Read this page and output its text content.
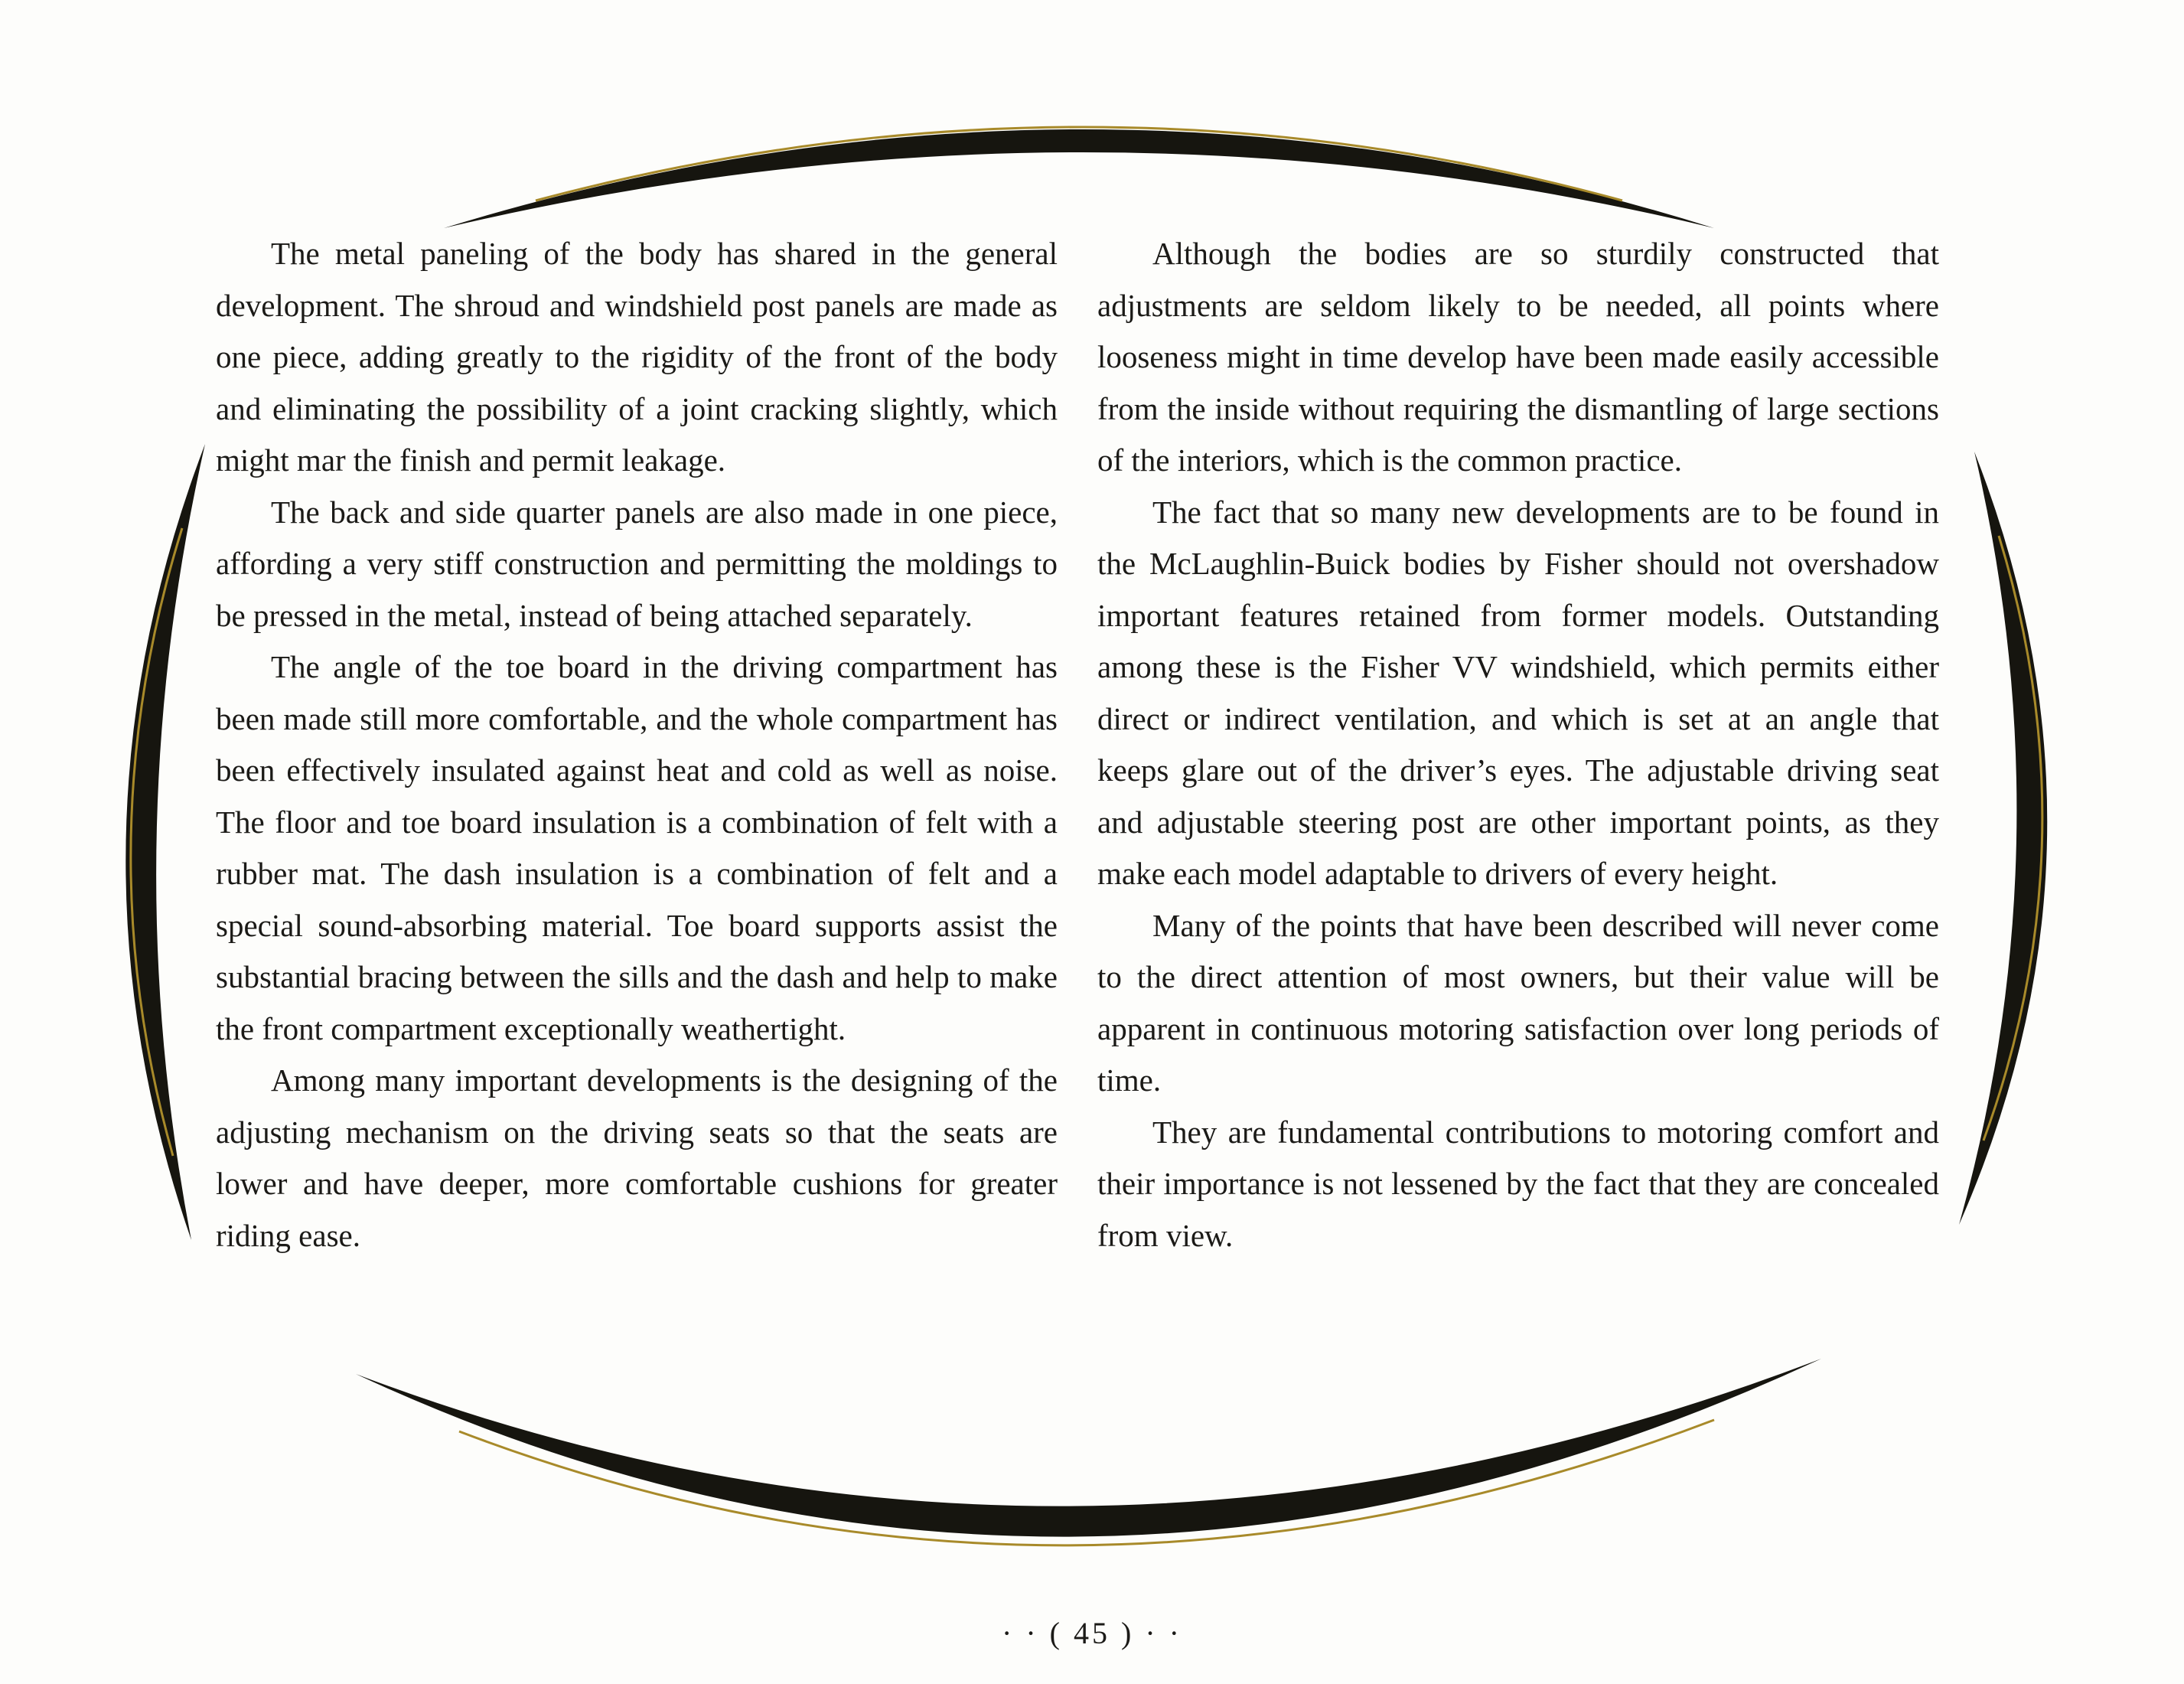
The metal paneling of the body has shared in the general development. The shroud and windshield post panels are made as one piece, adding greatly to the rigidity of the front of the body and eliminating the possibility of a joint cracking slightly, which might mar the finish and permit leakage.

The back and side quarter panels are also made in one piece, affording a very stiff construction and permitting the moldings to be pressed in the metal, instead of being attached separately.

The angle of the toe board in the driving compartment has been made still more comfortable, and the whole compartment has been effectively insulated against heat and cold as well as noise. The floor and toe board insulation is a combination of felt with a rubber mat. The dash insulation is a combination of felt and a special sound-absorbing material. Toe board supports assist the substantial bracing between the sills and the dash and help to make the front compartment exceptionally weathertight.

Among many important developments is the designing of the adjusting mechanism on the driving seats so that the seats are lower and have deeper, more comfortable cushions for greater riding ease.

Although the bodies are so sturdily constructed that adjustments are seldom likely to be needed, all points where looseness might in time develop have been made easily accessible from the inside without requiring the dismantling of large sections of the interiors, which is the common practice.

The fact that so many new developments are to be found in the McLaughlin-Buick bodies by Fisher should not overshadow important features retained from former models. Outstanding among these is the Fisher VV windshield, which permits either direct or indirect ventilation, and which is set at an angle that keeps glare out of the driver’s eyes. The adjustable driving seat and adjustable steering post are other important points, as they make each model adaptable to drivers of every height.

Many of the points that have been described will never come to the direct attention of most owners, but their value will be apparent in continuous motoring satisfaction over long periods of time.

They are fundamental contributions to motoring comfort and their importance is not lessened by the fact that they are concealed from view.

· · ( 45 ) · ·
